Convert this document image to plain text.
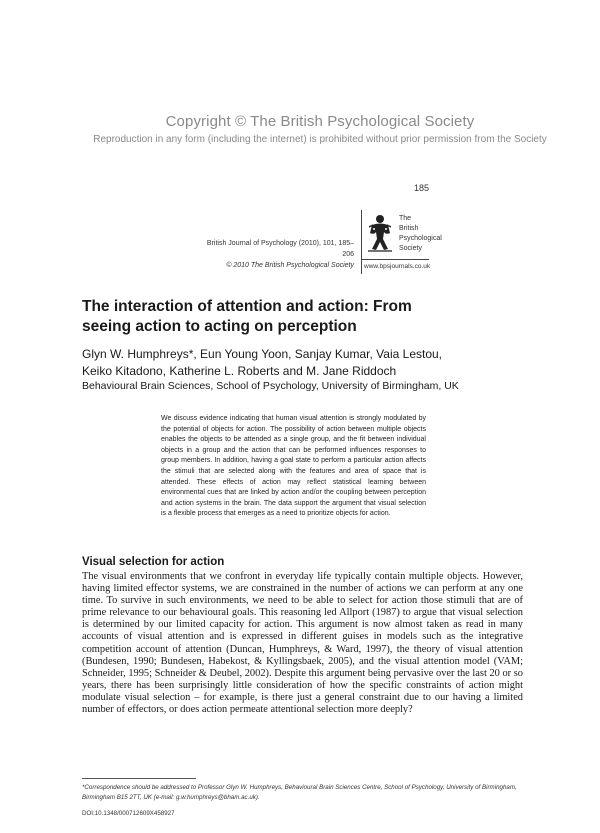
Copyright © The British Psychological Society
Reproduction in any form (including the internet) is prohibited without prior permission from the Society
185
British Journal of Psychology (2010), 101, 185–206
© 2010 The British Psychological Society
The
British
Psychological
Society
www.bpsjournals.co.uk
The interaction of attention and action: From
seeing action to acting on perception
Glyn W. Humphreys*, Eun Young Yoon, Sanjay Kumar, Vaia Lestou,
Keiko Kitadono, Katherine L. Roberts and M. Jane Riddoch
Behavioural Brain Sciences, School of Psychology, University of Birmingham, UK
We discuss evidence indicating that human visual attention is strongly modulated by the potential of objects for action. The possibility of action between multiple objects enables the objects to be attended as a single group, and the fit between individual objects in a group and the action that can be performed influences responses to group members. In addition, having a goal state to perform a particular action affects the stimuli that are selected along with the features and area of space that is attended. These effects of action may reflect statistical learning between environmental cues that are linked by action and/or the coupling between perception and action systems in the brain. The data support the argument that visual selection is a flexible process that emerges as a need to prioritize objects for action.
Visual selection for action
The visual environments that we confront in everyday life typically contain multiple objects. However, having limited effector systems, we are constrained in the number of actions we can perform at any one time. To survive in such environments, we need to be able to select for action those stimuli that are of prime relevance to our behavioural goals. This reasoning led Allport (1987) to argue that visual selection is determined by our limited capacity for action. This argument is now almost taken as read in many accounts of visual attention and is expressed in different guises in models such as the integrative competition account of attention (Duncan, Humphreys, & Ward, 1997), the theory of visual attention (Bundesen, 1990; Bundesen, Habekost, & Kyllingsbaek, 2005), and the visual attention model (VAM; Schneider, 1995; Schneider & Deubel, 2002). Despite this argument being pervasive over the last 20 or so years, there has been surprisingly little consideration of how the specific constraints of action might modulate visual selection – for example, is there just a general constraint due to our having a limited number of effectors, or does action permeate attentional selection more deeply?
*Correspondence should be addressed to Professor Glyn W. Humphreys, Behavioural Brain Sciences Centre, School of Psychology, University of Birmingham, Birmingham B15 2TT, UK (e-mail: g.w.humphreys@bham.ac.uk).
DOI:10.1348/000712609X458927
